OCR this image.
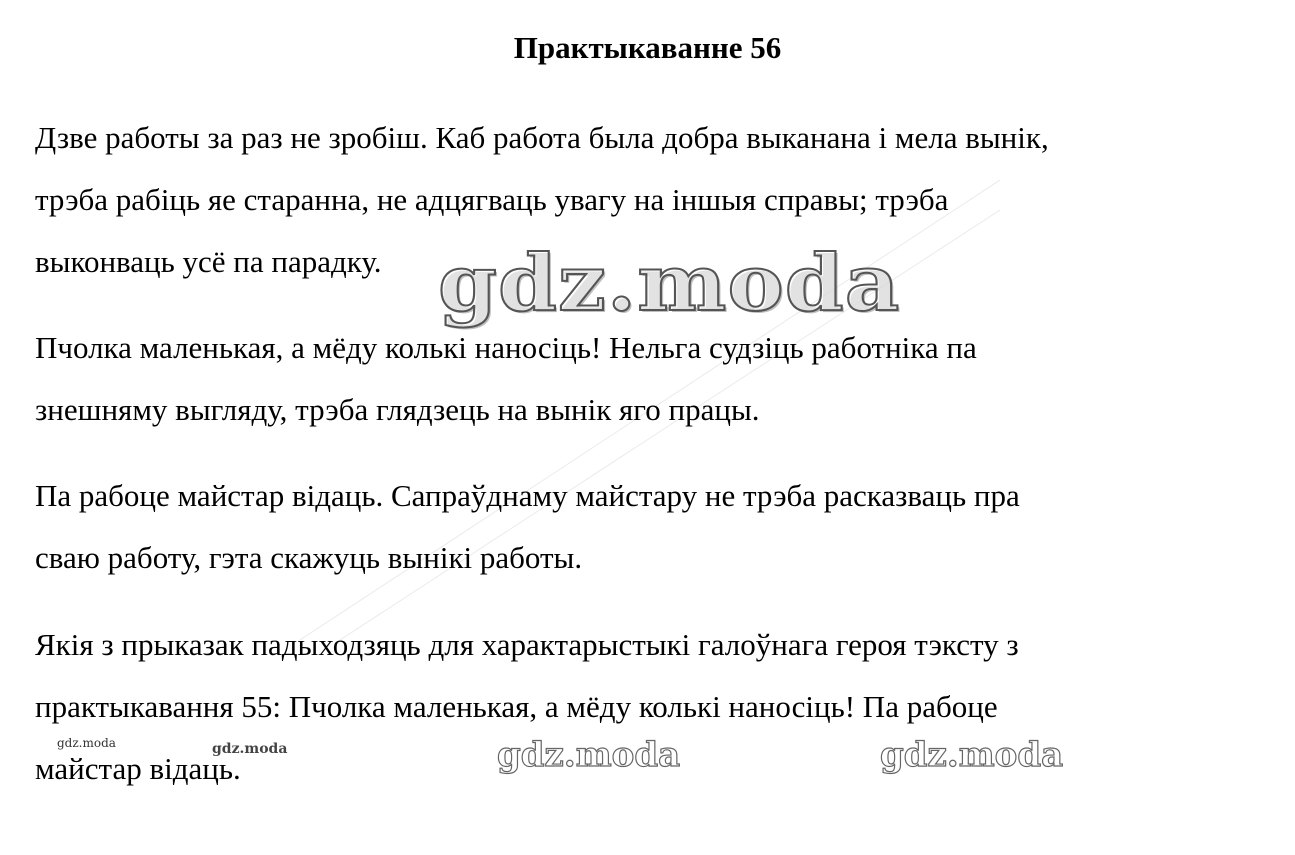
Практыкаванне 56

Дзве работы за раз не зробіш. Каб работа была добра выканана і мела вынік,
трэба рабіць яе старанна, не адцягваць увагу на іншыя справы; трэба
выконваць усё па парадку.

Пчолка маленькая, а мёду колькі наносіць! Нельга судзіць работніка па
знешняму выгляду, трэба глядзець на вынік яго працы.

Па рабоце майстар відаць. Сапраўднаму майстару не трэба расказваць пра
сваю работу, гэта скажуць вынікі работы.

Якія з прыказак падыходзяць для характарыстыкі галоўнага героя тэксту з
практыкавання 55: Пчолка маленькая, а мёду колькі наносіць! Па рабоце
майстар відаць.

gdz.moda
gdz.moda	gdz.moda
gdz.moda	gdz.moda
